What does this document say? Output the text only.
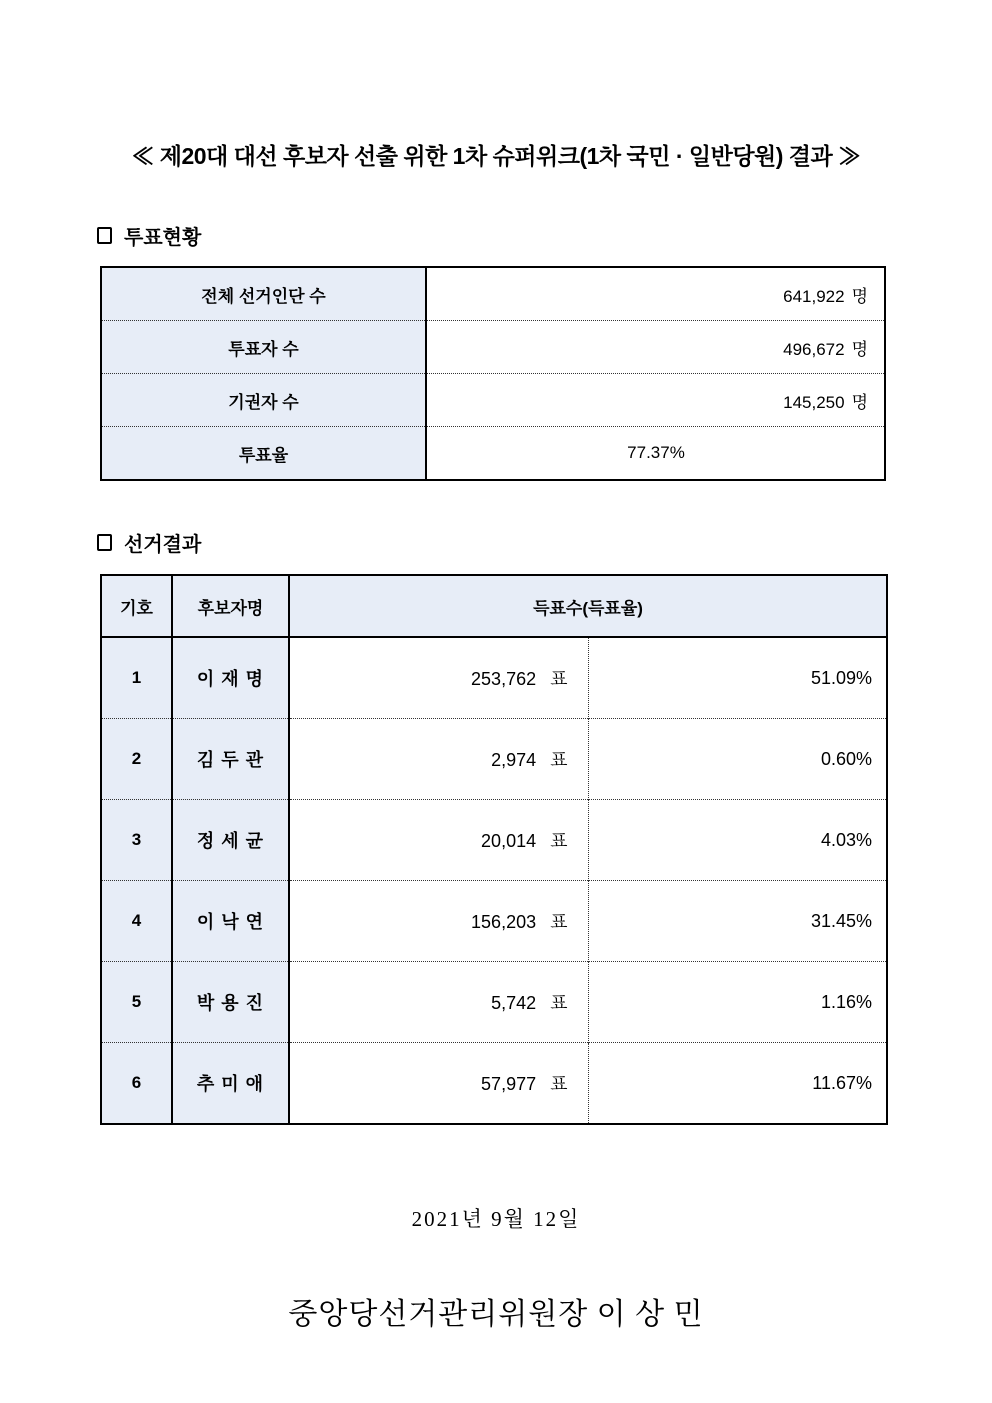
≪ 제20대 대선 후보자 선출 위한 1차 슈퍼위크(1차 국민 · 일반당원) 결과 ≫
투표현황
전체 선거인단 수	641,922 명
투표자 수	496,672 명
기권자 수	145,250 명
투표율	77.37%
선거결과
기호	후보자명	득표수(득표율)	
1	이 재 명	253,762 표	51.09%
2	김 두 관	2,974 표	0.60%
3	정 세 균	20,014 표	4.03%
4	이 낙 연	156,203 표	31.45%
5	박 용 진	5,742 표	1.16%
6	추 미 애	57,977 표	11.67%
2021년 9월 12일
중앙당선거관리위원장 이 상 민
